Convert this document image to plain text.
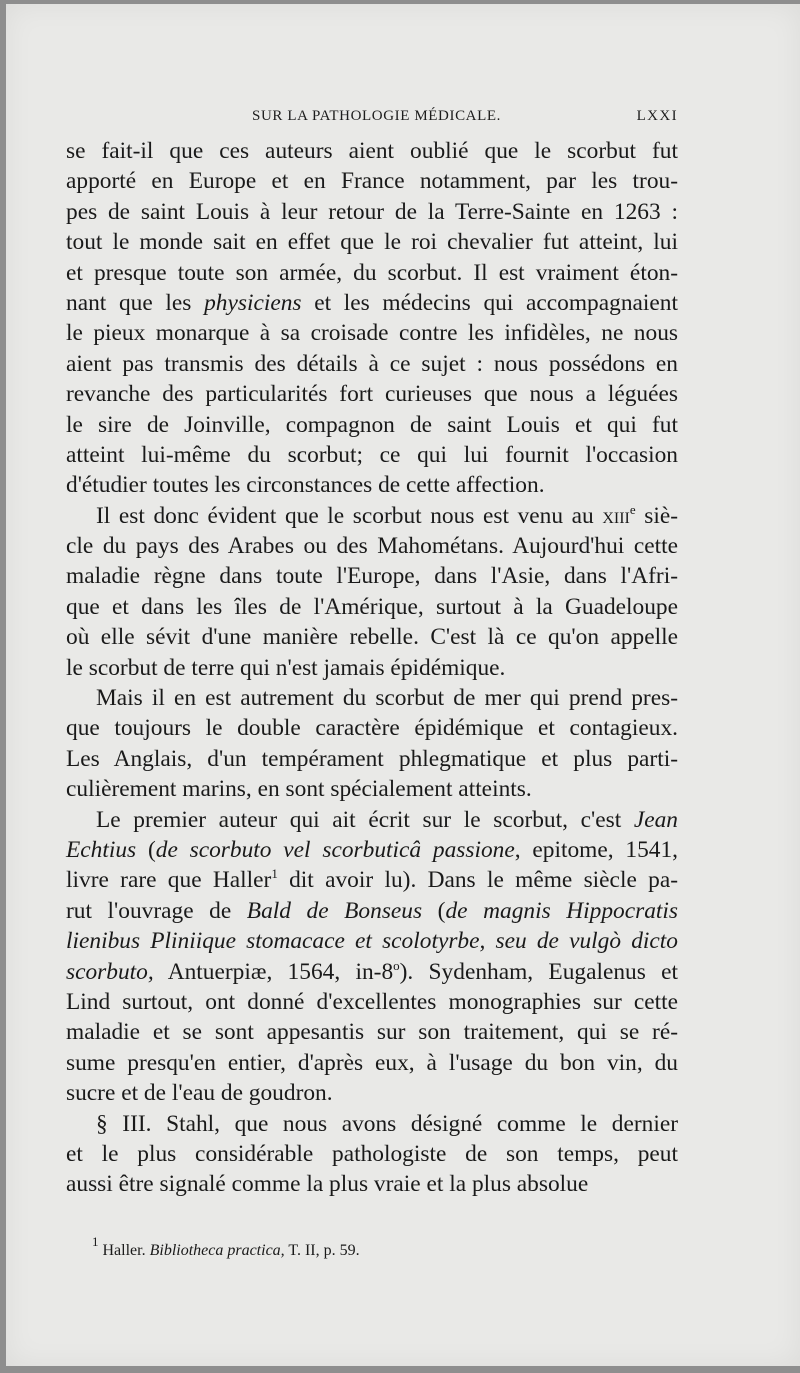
SUR LA PATHOLOGIE MÉDICALE.	LXXI
se fait-il que ces auteurs aient oublié que le scorbut fut
apporté en Europe et en France notamment, par les trou-
pes de saint Louis à leur retour de la Terre-Sainte en 1263 :
tout le monde sait en effet que le roi chevalier fut atteint, lui
et presque toute son armée, du scorbut. Il est vraiment éton-
nant que les physiciens et les médecins qui accompagnaient
le pieux monarque à sa croisade contre les infidèles, ne nous
aient pas transmis des détails à ce sujet : nous possédons en
revanche des particularités fort curieuses que nous a léguées
le sire de Joinville, compagnon de saint Louis et qui fut
atteint lui-même du scorbut; ce qui lui fournit l'occasion
d'étudier toutes les circonstances de cette affection.
Il est donc évident que le scorbut nous est venu au xiii$^e$ siè-
cle du pays des Arabes ou des Mahométans. Aujourd'hui cette
maladie règne dans toute l'Europe, dans l'Asie, dans l'Afri-
que et dans les îles de l'Amérique, surtout à la Guadeloupe
où elle sévit d'une manière rebelle. C'est là ce qu'on appelle
le scorbut de terre qui n'est jamais épidémique.
Mais il en est autrement du scorbut de mer qui prend pres-
que toujours le double caractère épidémique et contagieux.
Les Anglais, d'un tempérament phlegmatique et plus parti-
culièrement marins, en sont spécialement atteints.
Le premier auteur qui ait écrit sur le scorbut, c'est Jean
Echtius (de scorbuto vel scorbuticâ passione, epitome, 1541,
livre rare que Haller$^1$ dit avoir lu). Dans le même siècle pa-
rut l'ouvrage de Bald de Bonseus (de magnis Hippocratis
lienibus Pliniique stomacace et scolotyrbe, seu de vulgò dicto
scorbuto, Antuerpiæ, 1564, in-8$^o$). Sydenham, Eugalenus et
Lind surtout, ont donné d'excellentes monographies sur cette
maladie et se sont appesantis sur son traitement, qui se ré-
sume presqu'en entier, d'après eux, à l'usage du bon vin, du
sucre et de l'eau de goudron.
§ III. Stahl, que nous avons désigné comme le dernier
et le plus considérable pathologiste de son temps, peut
aussi être signalé comme la plus vraie et la plus absolue
$^1$ Haller. Bibliotheca practica, T. II, p. 59.
